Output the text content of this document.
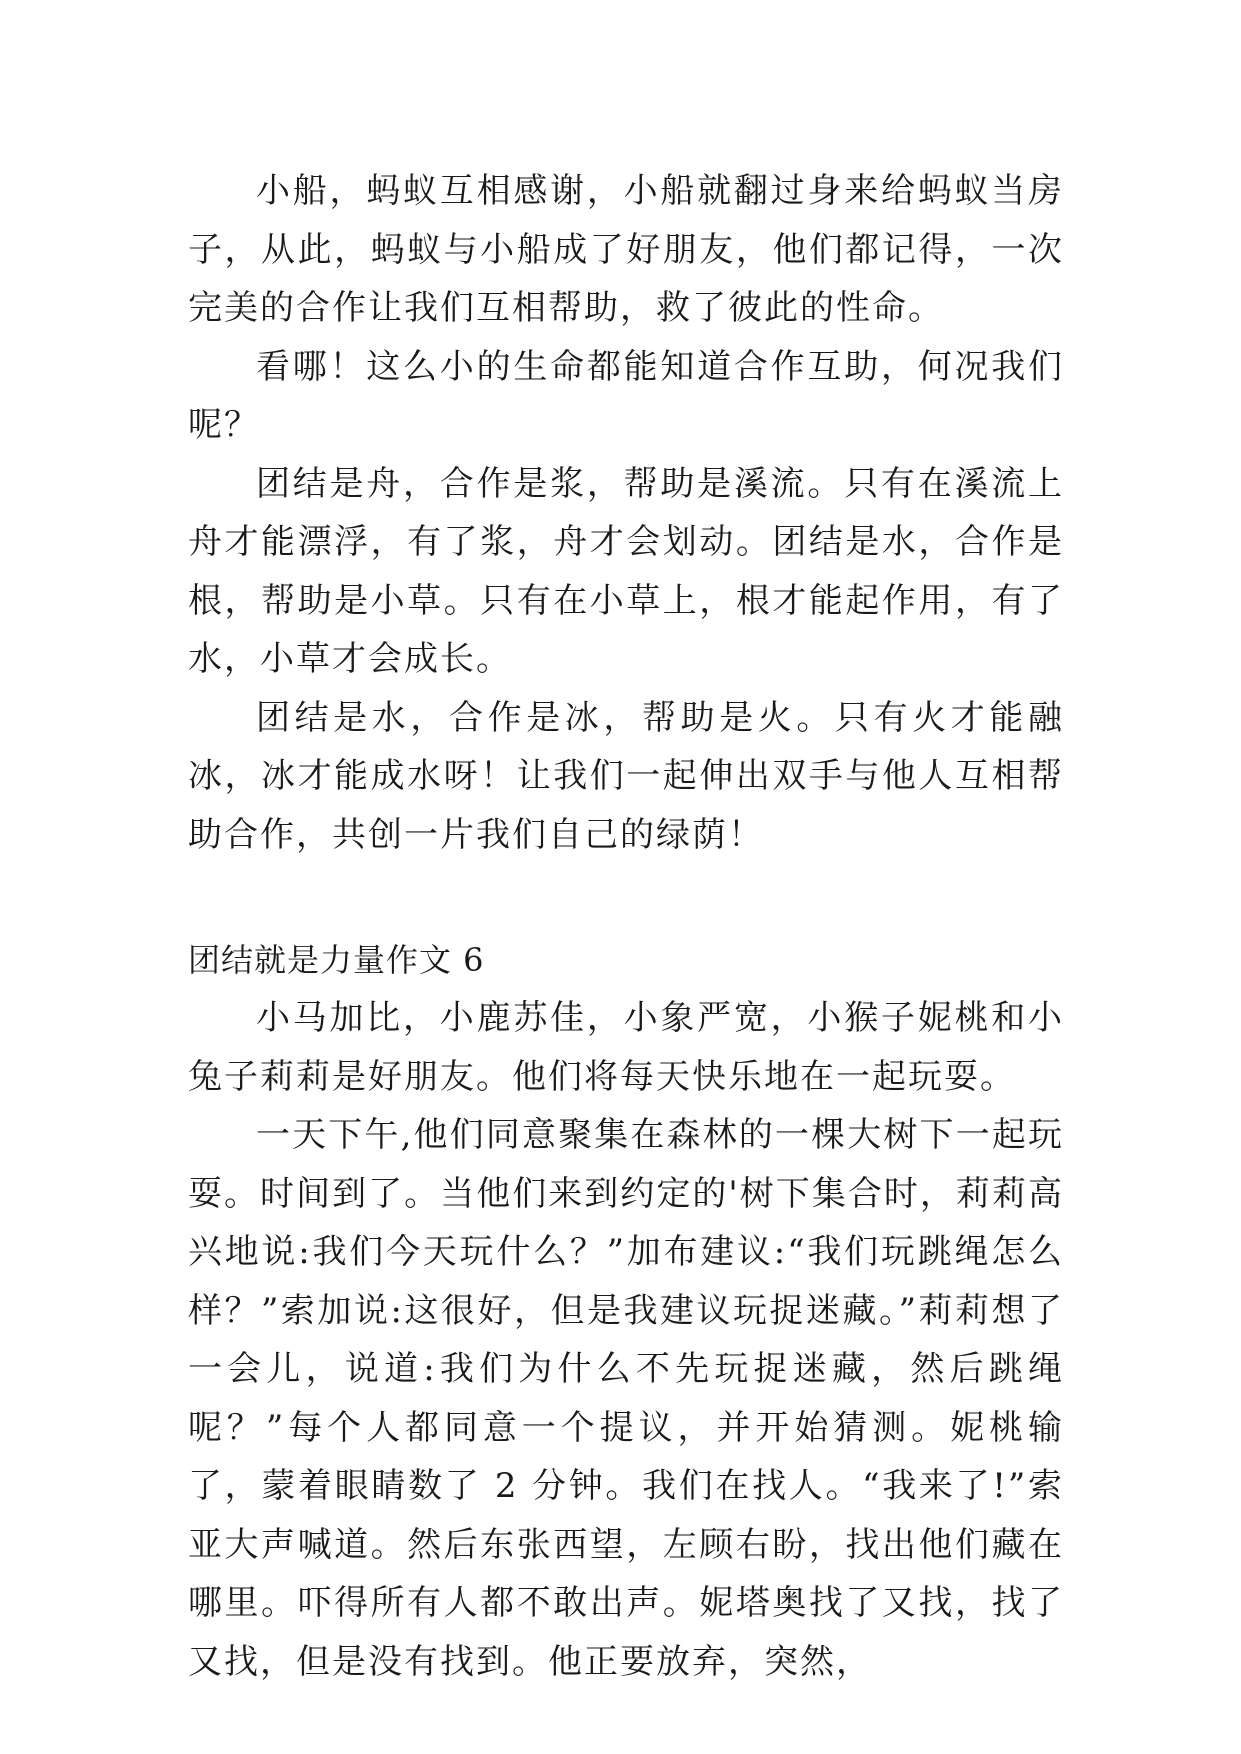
小船，蚂蚁互相感谢，小船就翻过身来给蚂蚁当房子，从此，蚂蚁与小船成了好朋友，他们都记得，一次完美的合作让我们互相帮助，救了彼此的性命。

看哪！这么小的生命都能知道合作互助，何况我们呢？

团结是舟，合作是浆，帮助是溪流。只有在溪流上舟才能漂浮，有了浆，舟才会划动。团结是水，合作是根，帮助是小草。只有在小草上，根才能起作用，有了水，小草才会成长。

团结是水，合作是冰，帮助是火。只有火才能融冰，冰才能成水呀！让我们一起伸出双手与他人互相帮助合作，共创一片我们自己的绿荫！

团结就是力量作文 6

小马加比，小鹿苏佳，小象严宽，小猴子妮桃和小兔子莉莉是好朋友。他们将每天快乐地在一起玩耍。

一天下午,他们同意聚集在森林的一棵大树下一起玩耍。时间到了。当他们来到约定的'树下集合时，莉莉高兴地说:我们今天玩什么？”加布建议:“我们玩跳绳怎么样？”索加说:这很好，但是我建议玩捉迷藏。”莉莉想了一会儿，说道:我们为什么不先玩捉迷藏，然后跳绳呢？”每个人都同意一个提议，并开始猜测。妮桃输了，蒙着眼睛数了 2 分钟。我们在找人。“我来了!”索亚大声喊道。然后东张西望，左顾右盼，找出他们藏在哪里。吓得所有人都不敢出声。妮塔奥找了又找，找了又找，但是没有找到。他正要放弃，突然，
